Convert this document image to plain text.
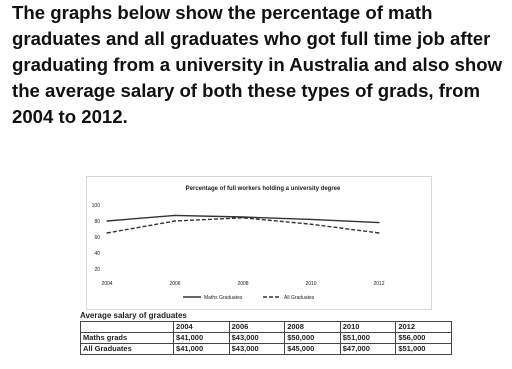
The graphs below show the percentage of math graduates and all graduates who got full time job after graduating from a university in Australia and also show the average salary of both these types of grads, from 2004 to 2012.

Percentage of full workers holding a university degree
100
80
60
40
20
2004	2006	2008	2010	2012
Maths Graduates	All Graduates
Average salary of graduates
	2004	2006	2008	2010	2012
Maths grads	$41,000	$43,000	$50,000	$51,000	$56,000
All Graduates	$41,000	$43,000	$45,000	$47,000	$51,000
